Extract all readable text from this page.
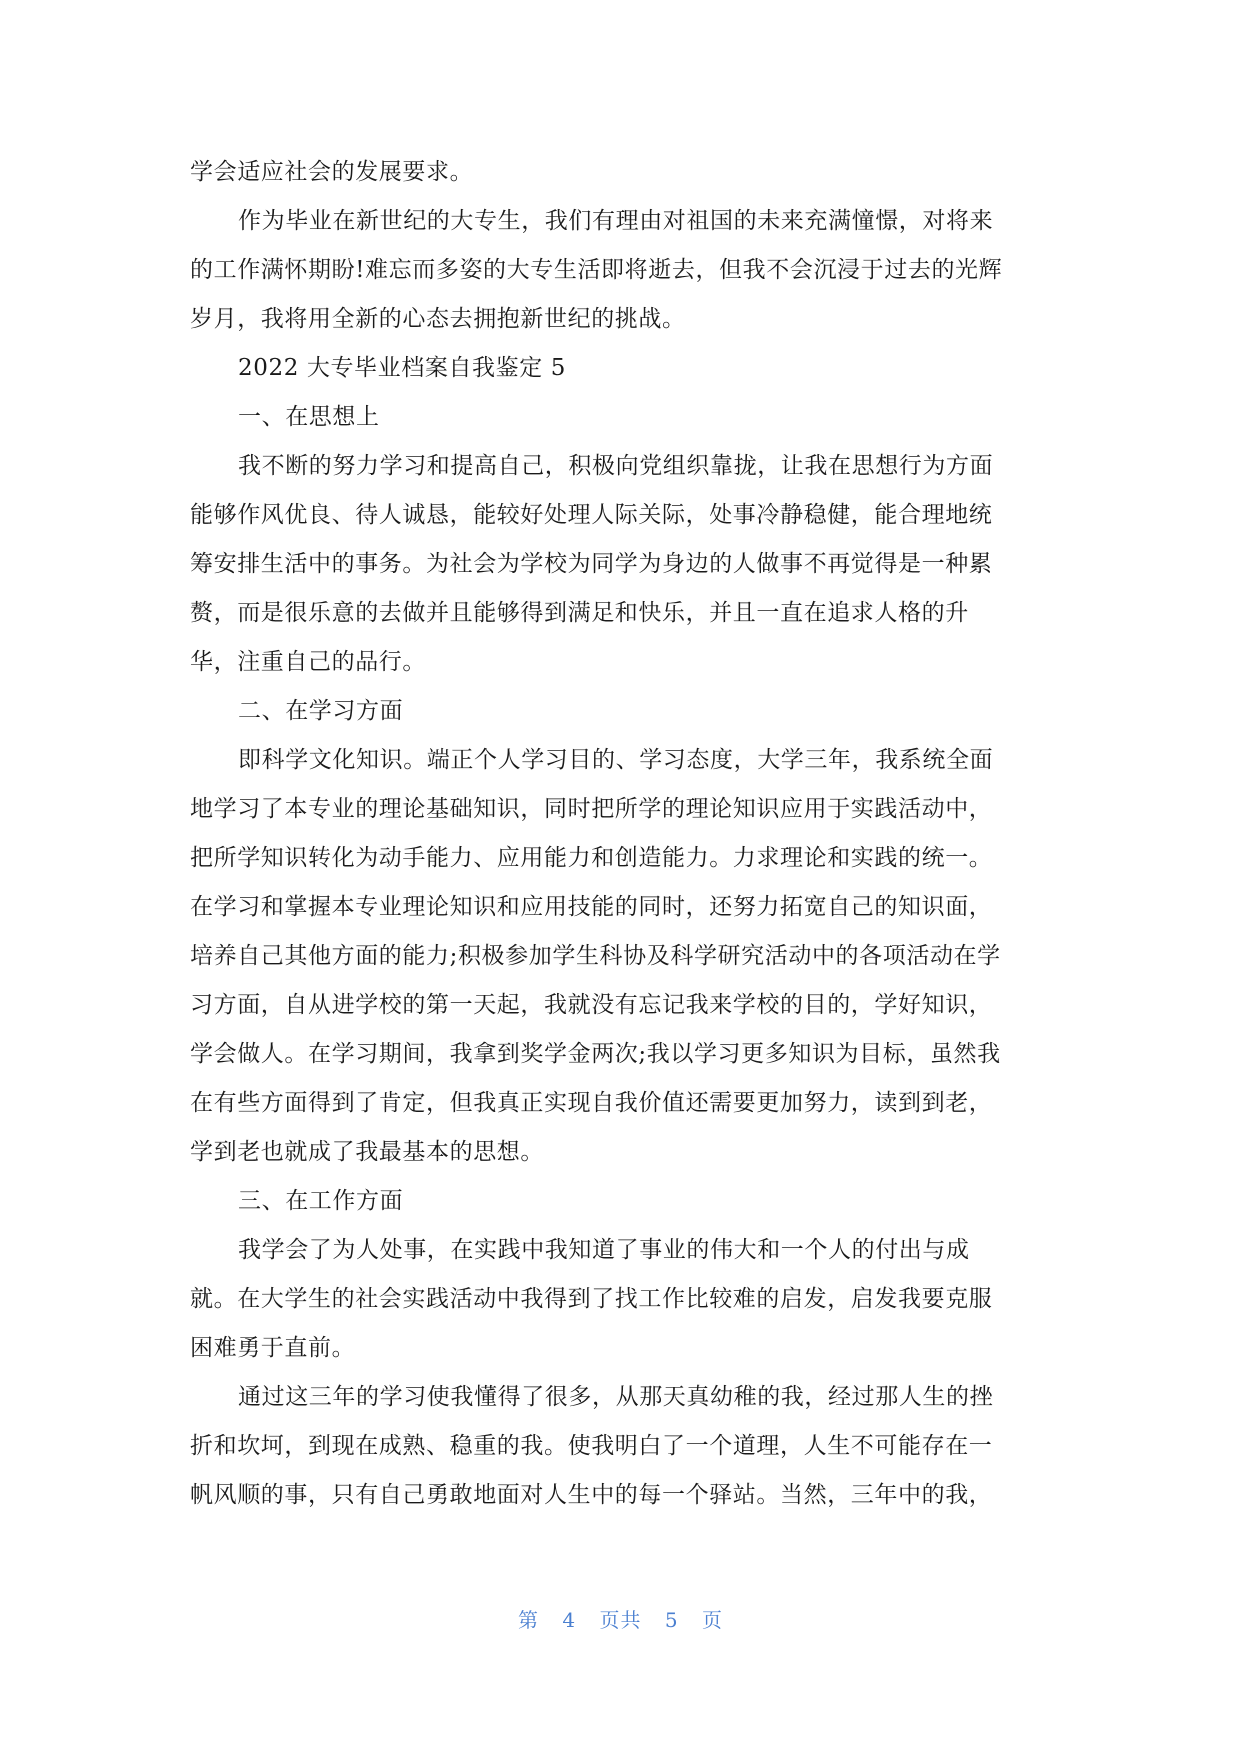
学会适应社会的发展要求。
作为毕业在新世纪的大专生，我们有理由对祖国的未来充满憧憬，对将来
的工作满怀期盼!难忘而多姿的大专生活即将逝去，但我不会沉浸于过去的光辉
岁月，我将用全新的心态去拥抱新世纪的挑战。
2022 大专毕业档案自我鉴定 5
一、在思想上
我不断的努力学习和提高自己，积极向党组织靠拢，让我在思想行为方面
能够作风优良、待人诚恳，能较好处理人际关际，处事冷静稳健，能合理地统
筹安排生活中的事务。为社会为学校为同学为身边的人做事不再觉得是一种累
赘，而是很乐意的去做并且能够得到满足和快乐，并且一直在追求人格的升
华，注重自己的品行。
二、在学习方面
即科学文化知识。端正个人学习目的、学习态度，大学三年，我系统全面
地学习了本专业的理论基础知识，同时把所学的理论知识应用于实践活动中，
把所学知识转化为动手能力、应用能力和创造能力。力求理论和实践的统一。
在学习和掌握本专业理论知识和应用技能的同时，还努力拓宽自己的知识面，
培养自己其他方面的能力;积极参加学生科协及科学研究活动中的各项活动在学
习方面，自从进学校的第一天起，我就没有忘记我来学校的目的，学好知识，
学会做人。在学习期间，我拿到奖学金两次;我以学习更多知识为目标，虽然我
在有些方面得到了肯定，但我真正实现自我价值还需要更加努力，读到到老，
学到老也就成了我最基本的思想。
三、在工作方面
我学会了为人处事，在实践中我知道了事业的伟大和一个人的付出与成
就。在大学生的社会实践活动中我得到了找工作比较难的启发，启发我要克服
困难勇于直前。
通过这三年的学习使我懂得了很多，从那天真幼稚的我，经过那人生的挫
折和坎坷，到现在成熟、稳重的我。使我明白了一个道理，人生不可能存在一
帆风顺的事，只有自己勇敢地面对人生中的每一个驿站。当然，三年中的我，
第 4 页共 5 页
